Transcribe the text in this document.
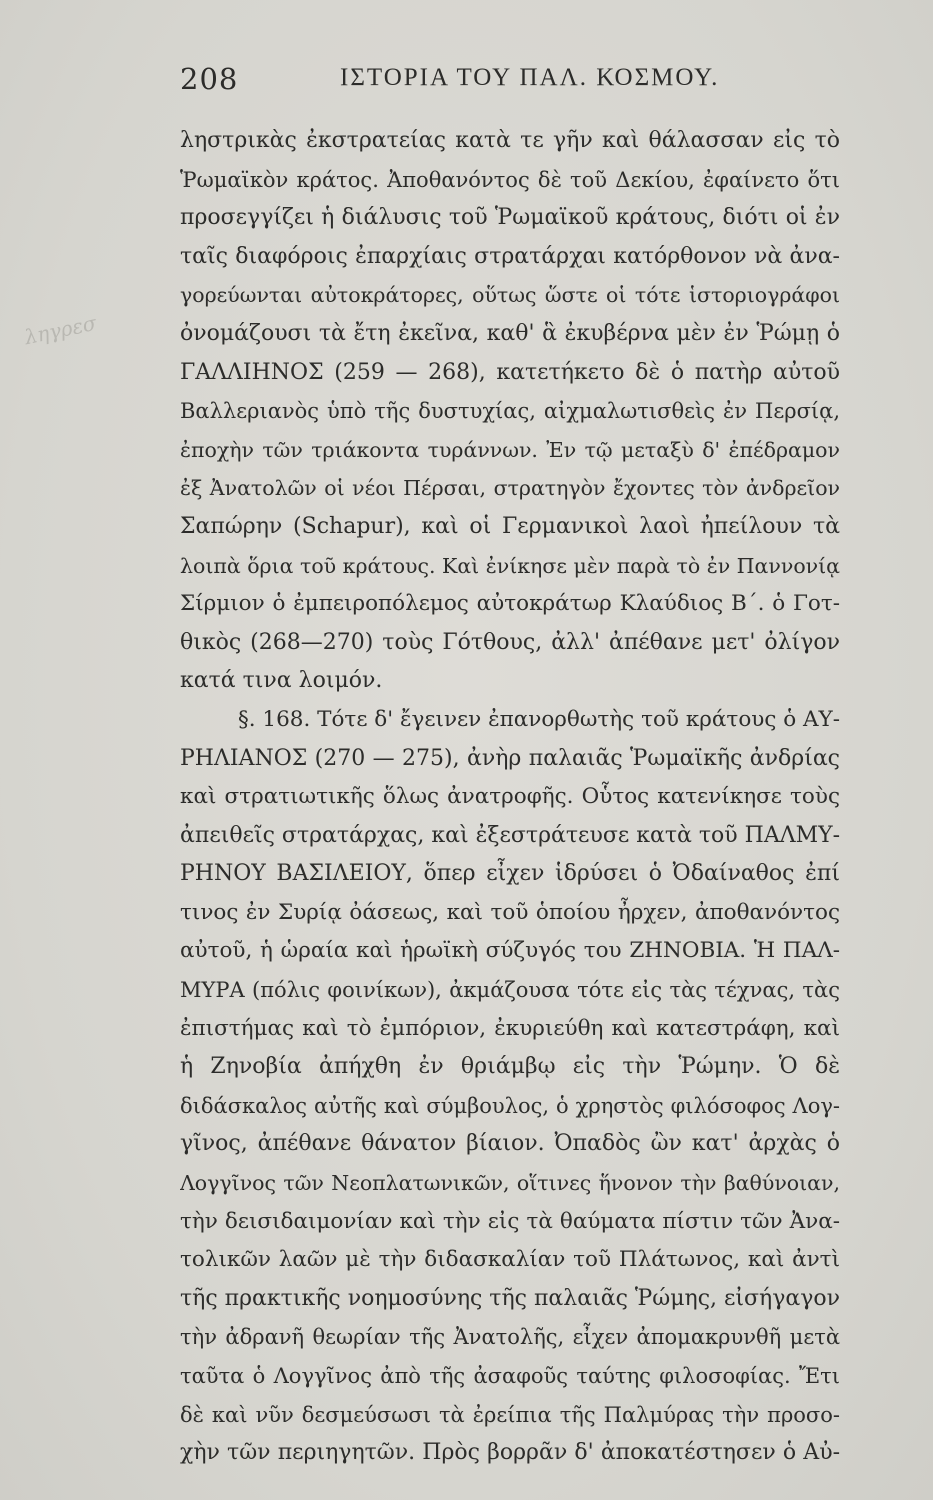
208	ΙΣΤΟΡΙΑ ΤΟΥ ΠΑΛ. ΚΟΣΜΟΥ.
ληγρεσ
ληστρικὰς ἐκστρατείας κατὰ τε γῆν καὶ θάλασσαν εἰς τὸ
Ῥωμαϊκὸν κράτος. Ἀποθανόντος δὲ τοῦ Δεκίου, ἐφαίνετο ὅτι
προσεγγίζει ἡ διάλυσις τοῦ Ῥωμαϊκοῦ κράτους, διότι οἱ ἐν
ταῖς διαφόροις ἐπαρχίαις στρατάρχαι κατόρθονον νὰ ἀνα-
γορεύωνται αὐτοκράτορες, οὕτως ὥστε οἱ τότε ἱστοριογράφοι
ὀνομάζουσι τὰ ἔτη ἐκεῖνα, καθ' ἃ ἐκυβέρνα μὲν ἐν Ῥώμῃ ὁ
ΓΑΛΛΙΗΝΟΣ (259 — 268), κατετήκετο δὲ ὁ πατὴρ αὐτοῦ
Βαλλεριανὸς ὑπὸ τῆς δυστυχίας, αἰχμαλωτισθεὶς ἐν Περσίᾳ,
ἐποχὴν τῶν τριάκοντα τυράννων. Ἐν τῷ μεταξὺ δ' ἐπέδραμον
ἐξ Ἀνατολῶν οἱ νέοι Πέρσαι, στρατηγὸν ἔχοντες τὸν ἀνδρεῖον
Σαπώρην (Schapur), καὶ οἱ Γερμανικοὶ λαοὶ ἠπείλουν τὰ
λοιπὰ ὅρια τοῦ κράτους. Καὶ ἐνίκησε μὲν παρὰ τὸ ἐν Παννονίᾳ
Σίρμιον ὁ ἐμπειροπόλεμος αὐτοκράτωρ Κλαύδιος Β΄. ὁ Γοτ-
θικὸς (268—270) τοὺς Γότθους, ἀλλ' ἀπέθανε μετ' ὀλίγον
κατά τινα λοιμόν.
§. 168. Τότε δ' ἔγεινεν ἐπανορθωτὴς τοῦ κράτους ὁ ΑΥ-
ΡΗΛΙΑΝΟΣ (270 — 275), ἀνὴρ παλαιᾶς Ῥωμαϊκῆς ἀνδρίας
καὶ στρατιωτικῆς ὅλως ἀνατροφῆς. Οὗτος κατενίκησε τοὺς
ἀπειθεῖς στρατάρχας, καὶ ἐξεστράτευσε κατὰ τοῦ ΠΑΛΜΥ-
ΡΗΝΟΥ ΒΑΣΙΛΕΙΟΥ, ὅπερ εἶχεν ἱδρύσει ὁ Ὀδαίναθος ἐπί
τινος ἐν Συρίᾳ ὀάσεως, καὶ τοῦ ὁποίου ἦρχεν, ἀποθανόντος
αὐτοῦ, ἡ ὡραία καὶ ἡρωϊκὴ σύζυγός του ΖΗΝΟΒΙΑ. Ἡ ΠΑΛ-
ΜΥΡΑ (πόλις φοινίκων), ἀκμάζουσα τότε εἰς τὰς τέχνας, τὰς
ἐπιστήμας καὶ τὸ ἐμπόριον, ἐκυριεύθη καὶ κατεστράφη, καὶ
ἡ Ζηνοβία ἀπήχθη ἐν θριάμβῳ εἰς τὴν Ῥώμην. Ὁ δὲ
διδάσκαλος αὐτῆς καὶ σύμβουλος, ὁ χρηστὸς φιλόσοφος Λογ-
γῖνος, ἀπέθανε θάνατον βίαιον. Ὀπαδὸς ὢν κατ' ἀρχὰς ὁ
Λογγῖνος τῶν Νεοπλατωνικῶν, οἵτινες ἥνονον τὴν βαθύνοιαν,
τὴν δεισιδαιμονίαν καὶ τὴν εἰς τὰ θαύματα πίστιν τῶν Ἀνα-
τολικῶν λαῶν μὲ τὴν διδασκαλίαν τοῦ Πλάτωνος, καὶ ἀντὶ
τῆς πρακτικῆς νοημοσύνης τῆς παλαιᾶς Ῥώμης, εἰσήγαγον
τὴν ἀδρανῆ θεωρίαν τῆς Ἀνατολῆς, εἶχεν ἀπομακρυνθῆ μετὰ
ταῦτα ὁ Λογγῖνος ἀπὸ τῆς ἀσαφοῦς ταύτης φιλοσοφίας. Ἔτι
δὲ καὶ νῦν δεσμεύσωσι τὰ ἐρείπια τῆς Παλμύρας τὴν προσο-
χὴν τῶν περιηγητῶν. Πρὸς βορρᾶν δ' ἀποκατέστησεν ὁ Αὐ-
